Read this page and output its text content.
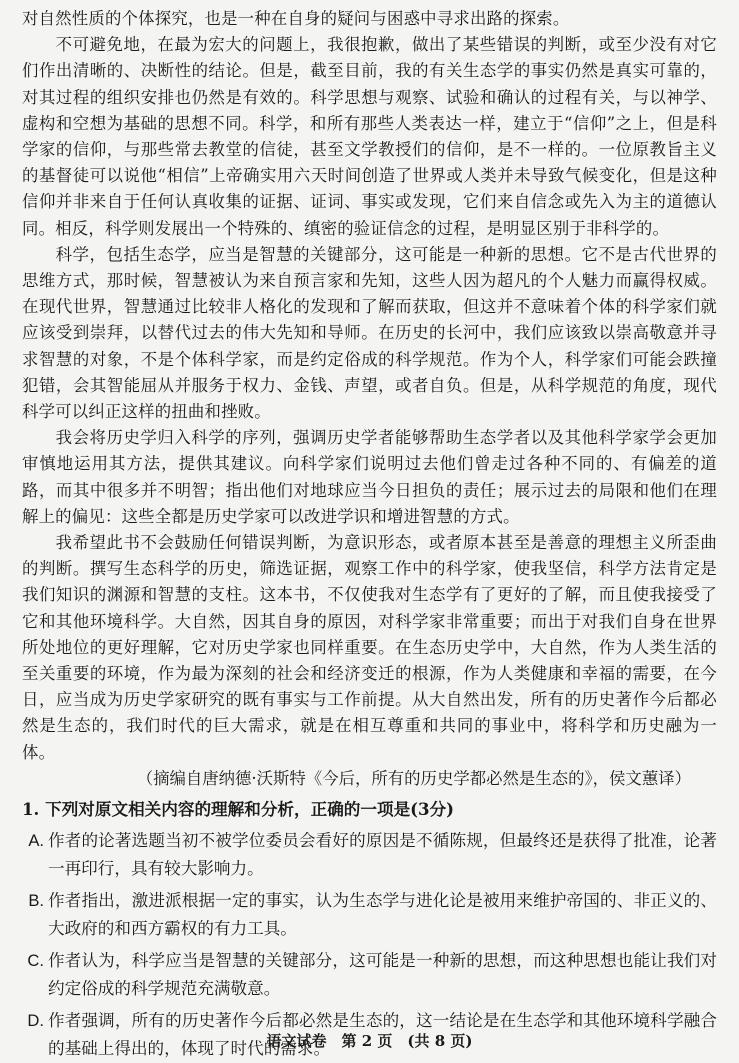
对自然性质的个体探究，也是一种在自身的疑问与困惑中寻求出路的探索。

不可避免地，在最为宏大的问题上，我很抱歉，做出了某些错误的判断，或至少没有对它们作出清晰的、决断性的结论。但是，截至目前，我的有关生态学的事实仍然是真实可靠的，对其过程的组织安排也仍然是有效的。科学思想与观察、试验和确认的过程有关，与以神学、虚构和空想为基础的思想不同。科学，和所有那些人类表达一样，建立于“信仰”之上，但是科学家的信仰，与那些常去教堂的信徒，甚至文学教授们的信仰，是不一样的。一位原教旨主义的基督徒可以说他“相信”上帝确实用六天时间创造了世界或人类并未导致气候变化，但是这种信仰并非来自于任何认真收集的证据、证词、事实或发现，它们来自信念或先入为主的道德认同。相反，科学则发展出一个特殊的、缜密的验证信念的过程，是明显区别于非科学的。

科学，包括生态学，应当是智慧的关键部分，这可能是一种新的思想。它不是古代世界的思维方式，那时候，智慧被认为来自预言家和先知，这些人因为超凡的个人魅力而赢得权威。在现代世界，智慧通过比较非人格化的发现和了解而获取，但这并不意味着个体的科学家们就应该受到崇拜，以替代过去的伟大先知和导师。在历史的长河中，我们应该致以崇高敬意并寻求智慧的对象，不是个体科学家，而是约定俗成的科学规范。作为个人，科学家们可能会跌撞犯错，会其智能屈从并服务于权力、金钱、声望，或者自负。但是，从科学规范的角度，现代科学可以纠正这样的扭曲和挫败。

我会将历史学归入科学的序列，强调历史学者能够帮助生态学者以及其他科学家学会更加审慎地运用其方法，提供其建议。向科学家们说明过去他们曾走过各种不同的、有偏差的道路，而其中很多并不明智；指出他们对地球应当今日担负的责任；展示过去的局限和他们在理解上的偏见：这些全都是历史学家可以改进学识和增进智慧的方式。

我希望此书不会鼓励任何错误判断，为意识形态，或者原本甚至是善意的理想主义所歪曲的判断。撰写生态科学的历史，筛选证据，观察工作中的科学家，使我坚信，科学方法肯定是我们知识的渊源和智慧的支柱。这本书，不仅使我对生态学有了更好的了解，而且使我接受了它和其他环境科学。大自然，因其自身的原因，对科学家非常重要；而出于对我们自身在世界所处地位的更好理解，它对历史学家也同样重要。在生态历史学中，大自然，作为人类生活的至关重要的环境，作为最为深刻的社会和经济变迁的根源，作为人类健康和幸福的需要，在今日，应当成为历史学家研究的既有事实与工作前提。从大自然出发，所有的历史著作今后都必然是生态的，我们时代的巨大需求，就是在相互尊重和共同的事业中，将科学和历史融为一体。

（摘编自唐纳德·沃斯特《今后，所有的历史学都必然是生态的》，侯文蕙译）

1. 下列对原文相关内容的理解和分析，正确的一项是(3分)
A. 作者的论著选题当初不被学位委员会看好的原因是不循陈规，但最终还是获得了批准，论著一再印行，具有较大影响力。
B. 作者指出，激进派根据一定的事实，认为生态学与进化论是被用来维护帝国的、非正义的、大政府的和西方霸权的有力工具。
C. 作者认为，科学应当是智慧的关键部分，这可能是一种新的思想，而这种思想也能让我们对约定俗成的科学规范充满敬意。
D. 作者强调，所有的历史著作今后都必然是生态的，这一结论是在生态学和其他环境科学融合的基础上得出的，体现了时代的需求。
语文试卷　第 2 页　(共 8 页)
